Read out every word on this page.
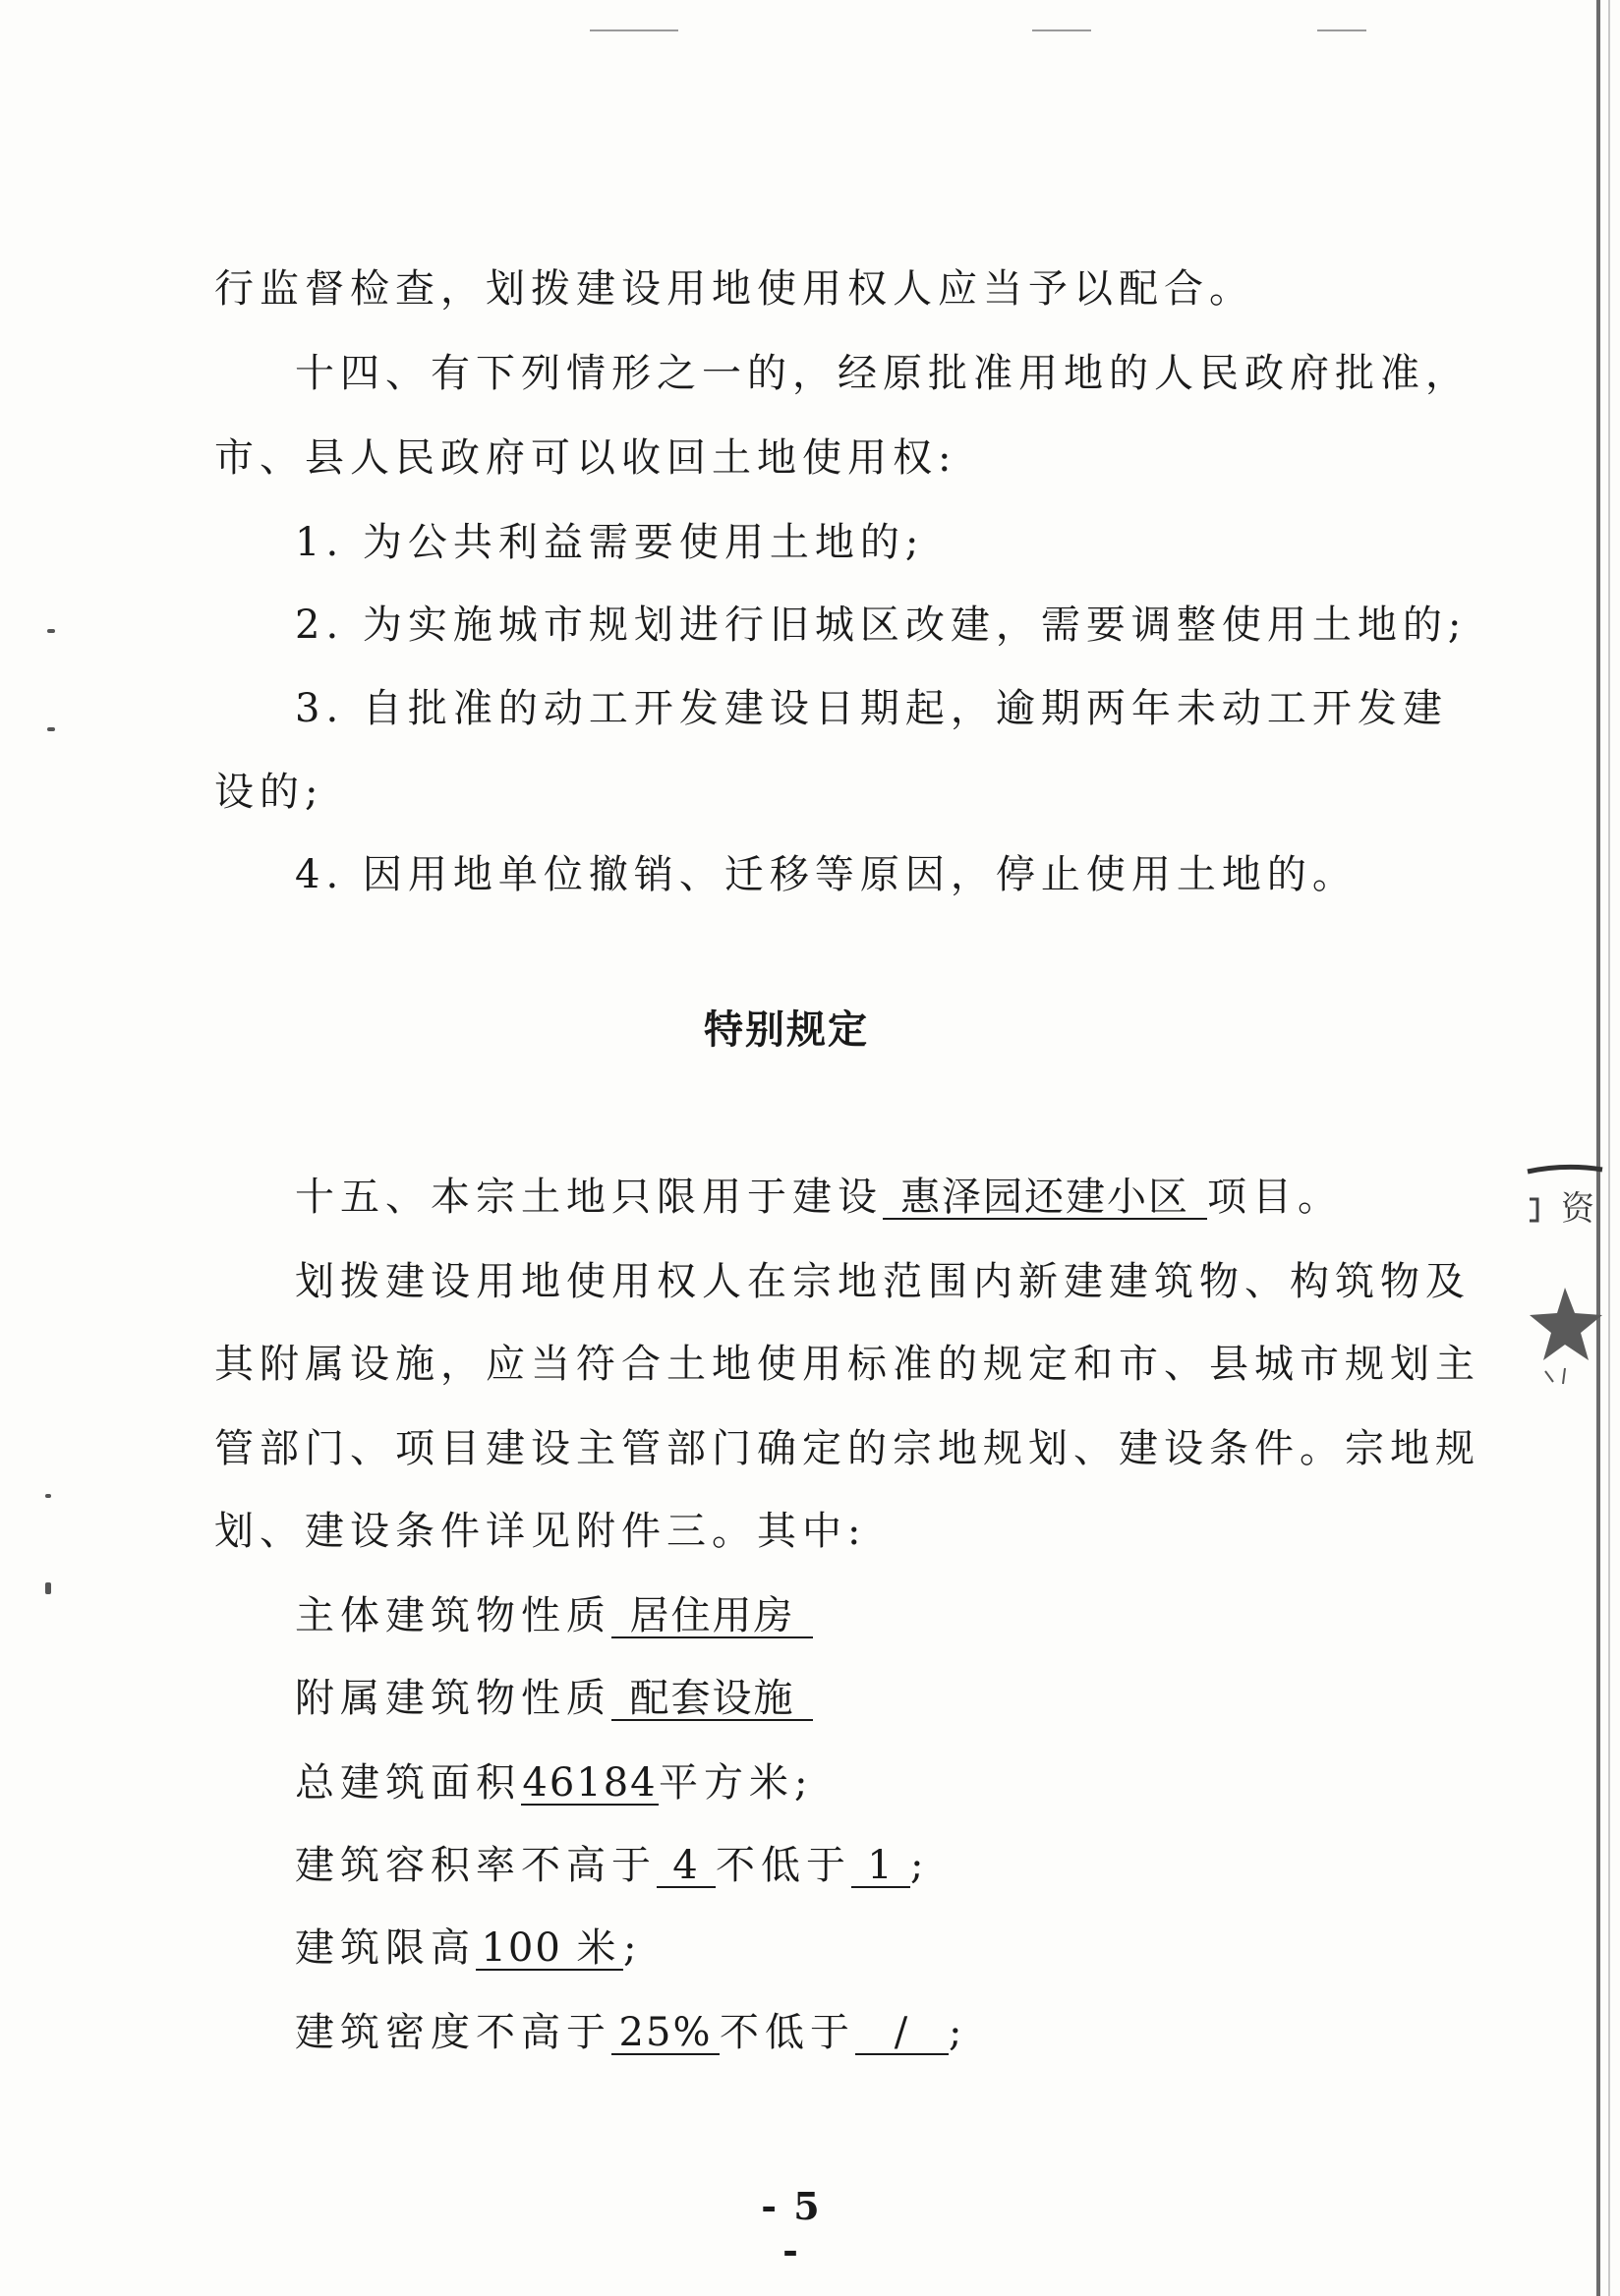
资
行监督检查，划拨建设用地使用权人应当予以配合。
十四、有下列情形之一的，经原批准用地的人民政府批准，
市、县人民政府可以收回土地使用权:
1. 为公共利益需要使用土地的;
2. 为实施城市规划进行旧城区改建，需要调整使用土地的;
3. 自批准的动工开发建设日期起，逾期两年未动工开发建
设的;
4. 因用地单位撤销、迁移等原因，停止使用土地的。
特别规定
十五、本宗土地只限用于建设 惠泽园还建小区 项目。
划拨建设用地使用权人在宗地范围内新建建筑物、构筑物及
其附属设施，应当符合土地使用标准的规定和市、县城市规划主
管部门、项目建设主管部门确定的宗地规划、建设条件。宗地规
划、建设条件详见附件三。其中:
主体建筑物性质 居住用房
附属建筑物性质 配套设施
总建筑面积46184平方米;
建筑容积率不高于 4 不低于 1 ;
建筑限高 100 米 ;
建筑密度不高于 25% 不低于 / ;
- 5 -
